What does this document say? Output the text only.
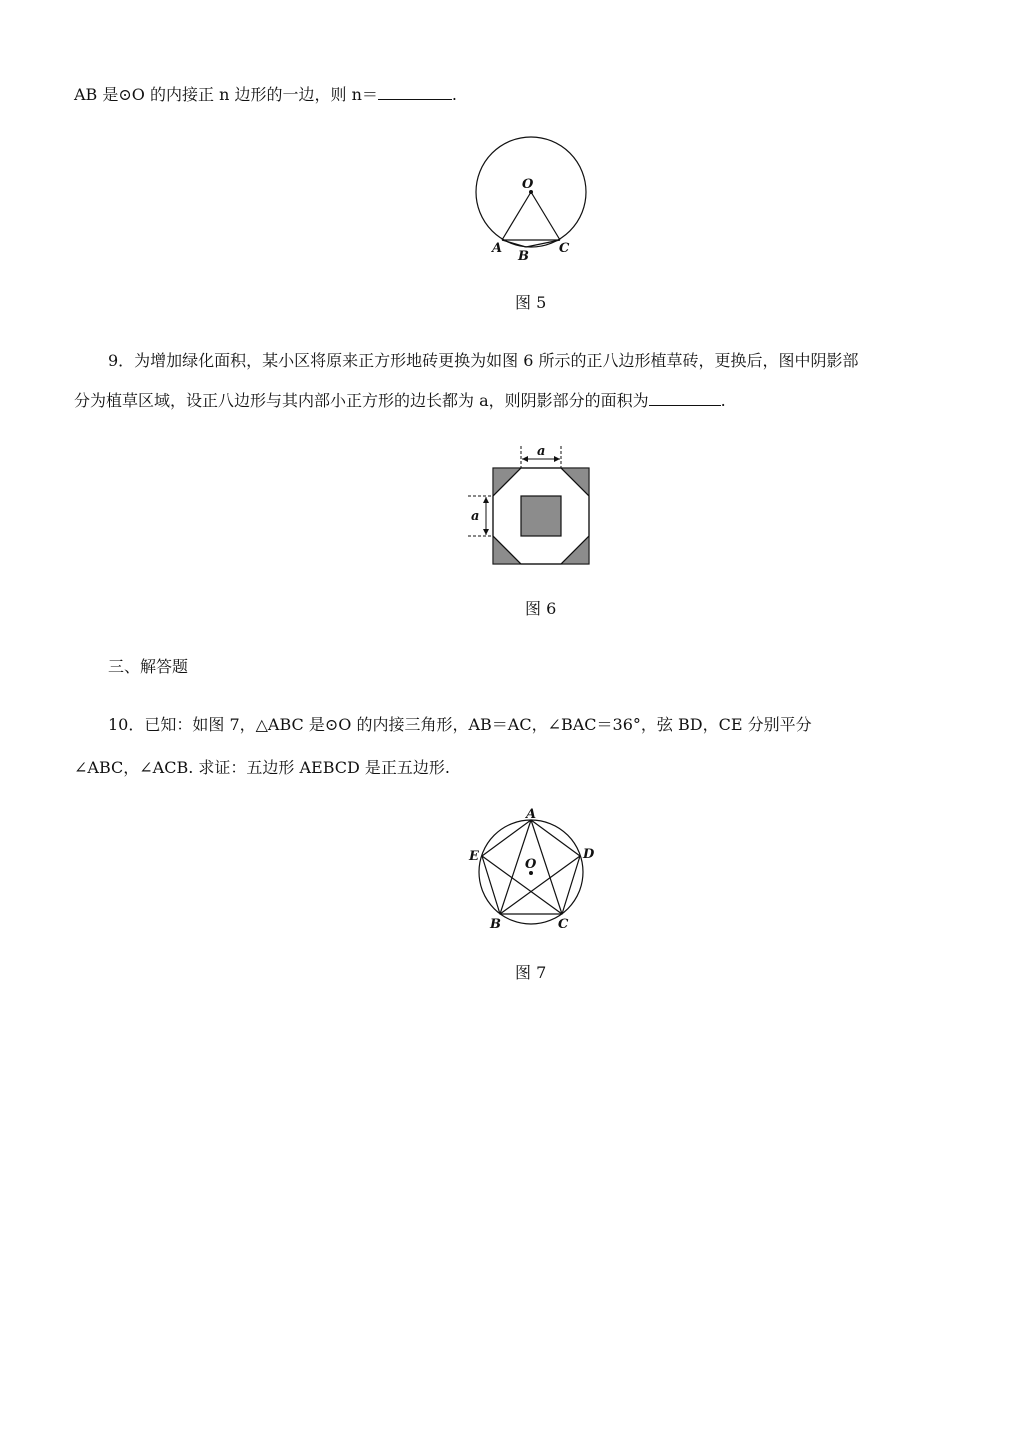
AB 是⊙O 的内接正 n 边形的一边，则 n＝	.
O
A
B
C
图 5
9．为增加绿化面积，某小区将原来正方形地砖更换为如图 6 所示的正八边形植草砖，更换后，图中阴影部
分为植草区域，设正八边形与其内部小正方形的边长都为 a，则阴影部分的面积为	.
a
a
图 6
三、解答题
10．已知：如图 7，△ABC 是⊙O 的内接三角形，AB＝AC，∠BAC＝36°，弦 BD，CE 分别平分
∠ABC，∠ACB. 求证：五边形 AEBCD 是正五边形.
A
D
E
O
B	C
图 7
